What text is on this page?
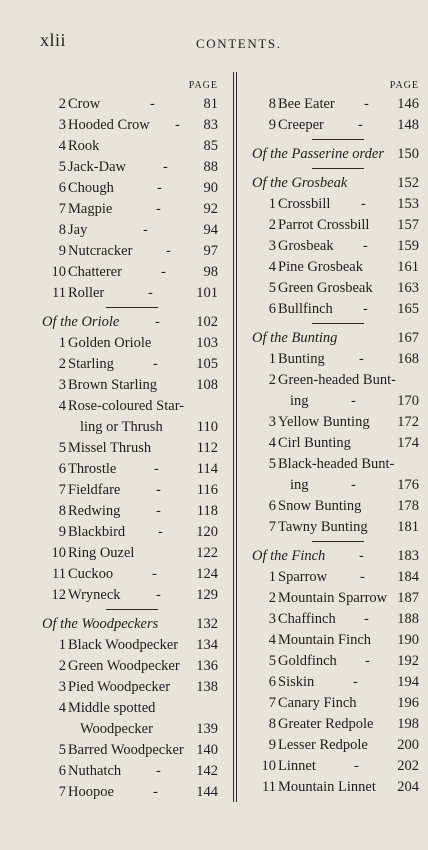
xlii	CONTENTS.
PAGE
2 Crow	-	81
3 Hooded Crow - 83
4 Rook	85
5 Jack-Daw	- 88
6 Chough	-	90
7 Magpie	-	92
8 Jay	-	94
9 Nutcracker - 97
10 Chatterer	-	98
11 Roller	-	101
Of the Oriole -	102
1 Golden Oriole	103
2 Starling	-	105
3 Brown Starling	108
4 Rose-coloured Star-
ling or Thrush 110
5 Missel Thrush	112
6 Throstle	-	114
7 Fieldfare - 116
8 Redwing - 118
9 Blackbird - 120
10 Ring Ouzel	122
11 Cuckoo	-	124
12 Wryneck - 129
Of the Woodpeckers	132
1 Black Woodpecker 134
2 Green Woodpecker 136
3 Pied Woodpecker 138
4 Middle spotted
Woodpecker	139
5 Barred Woodpecker 140
6 Nuthatch - 142
7 Hoopoe	-	144
PAGE
8 Bee Eater - 146
9 Creeper - 148
Of the Passerine order 150
Of the Grosbeak	152
1 Crossbill - 153
2 Parrot Crossbill 157
3 Grosbeak - 159
4 Pine Grosbeak 161
5 Green Grosbeak 163
6 Bullfinch - 165
Of the Bunting	167
1 Bunting - 168
2 Green-headed Bunt-
ing	-	170
3 Yellow Bunting 172
4 Cirl Bunting	174
5 Black-headed Bunt-
ing	-	176
6 Snow Bunting 178
7 Tawny Bunting 181
Of the Finch - 183
1 Sparrow - 184
2 Mountain Sparrow 187
3 Chaffinch - 188
4 Mountain Finch 190
5 Goldfinch - 192
6 Siskin	-	194
7 Canary Finch	196
8 Greater Redpole 198
9 Lesser Redpole 200
10 Linnet	-	202
11 Mountain Linnet 204
